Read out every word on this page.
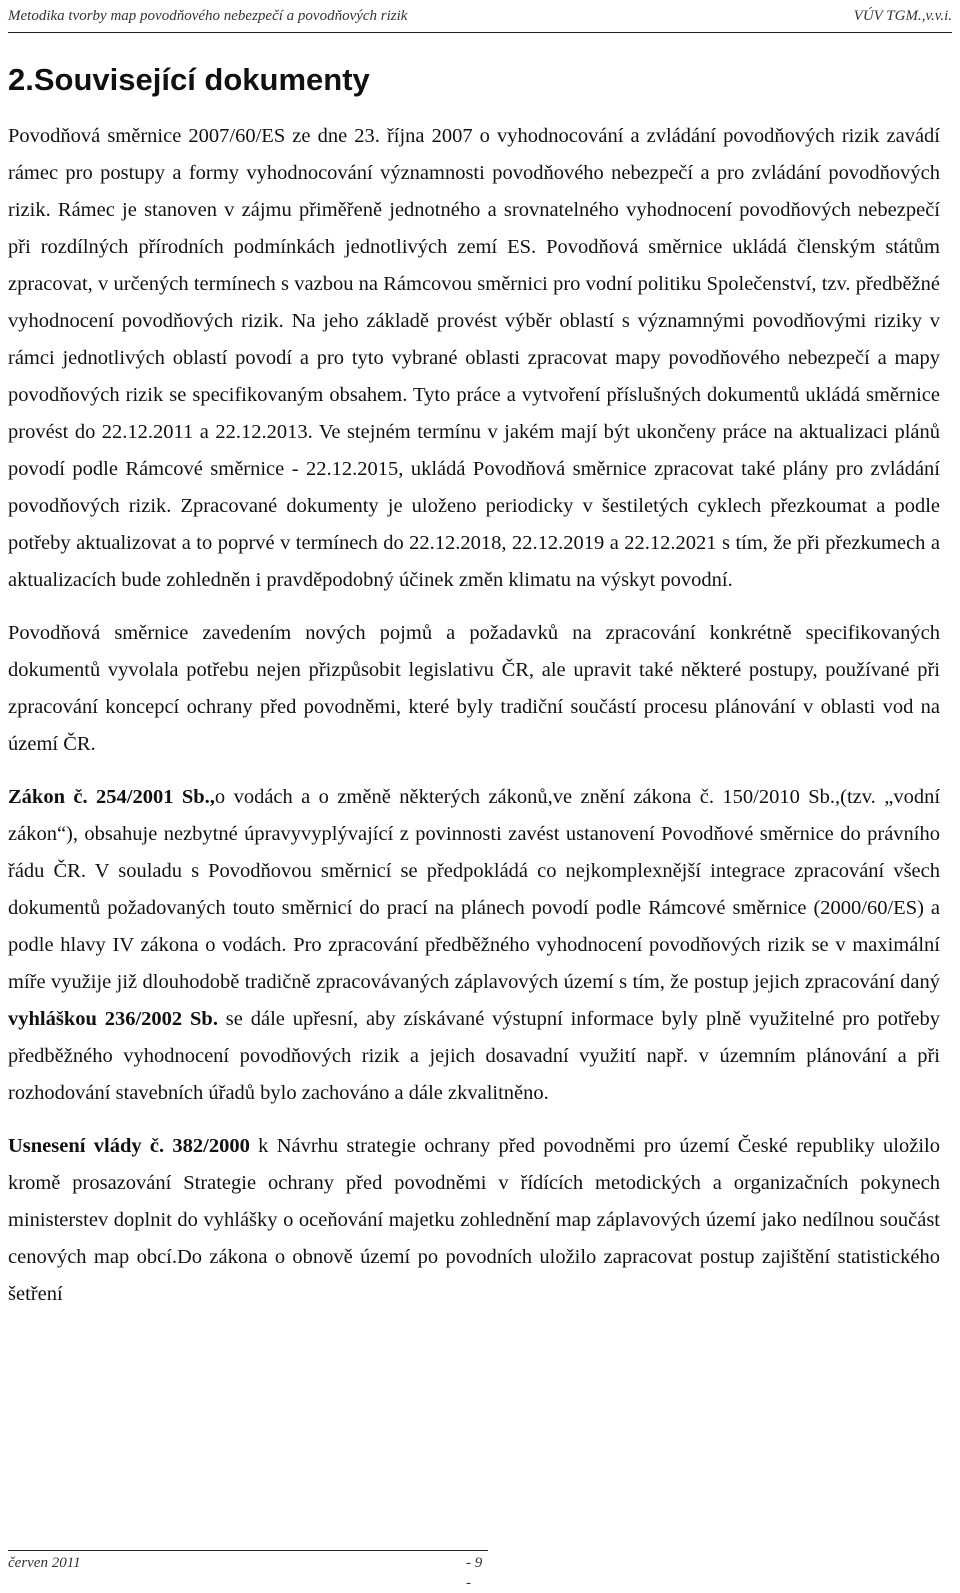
Metodika tvorby map povodňového nebezpečí a povodňových rizik	VÚV TGM.,v.v.i.
2.Související dokumenty

Povodňová směrnice 2007/60/ES ze dne 23. října 2007 o vyhodnocování a zvládání povodňových rizik zavádí rámec pro postupy a formy vyhodnocování významnosti povodňového nebezpečí a pro zvládání povodňových rizik. Rámec je stanoven v zájmu přiměřeně jednotného a srovnatelného vyhodnocení povodňových nebezpečí při rozdílných přírodních podmínkách jednotlivých zemí ES. Povodňová směrnice ukládá členským státům zpracovat, v určených termínech s vazbou na Rámcovou směrnici pro vodní politiku Společenství, tzv. předběžné vyhodnocení povodňových rizik. Na jeho základě provést výběr oblastí s významnými povodňovými riziky v rámci jednotlivých oblastí povodí a pro tyto vybrané oblasti zpracovat mapy povodňového nebezpečí a mapy povodňových rizik se specifikovaným obsahem. Tyto práce a vytvoření příslušných dokumentů ukládá směrnice provést do 22.12.2011 a 22.12.2013. Ve stejném termínu v jakém mají být ukončeny práce na aktualizaci plánů povodí podle Rámcové směrnice - 22.12.2015, ukládá Povodňová směrnice zpracovat také plány pro zvládání povodňových rizik. Zpracované dokumenty je uloženo periodicky v šestiletých cyklech přezkoumat a podle potřeby aktualizovat a to poprvé v termínech do 22.12.2018, 22.12.2019 a 22.12.2021 s tím, že při přezkumech a aktualizacích bude zohledněn i pravděpodobný účinek změn klimatu na výskyt povodní.

Povodňová směrnice zavedením nových pojmů a požadavků na zpracování konkrétně specifikovaných dokumentů vyvolala potřebu nejen přizpůsobit legislativu ČR, ale upravit také některé postupy, používané při zpracování koncepcí ochrany před povodněmi, které byly tradiční součástí procesu plánování v oblasti vod na území ČR.

Zákon č. 254/2001 Sb.,o vodách a o změně některých zákonů,ve znění zákona č. 150/2010 Sb.,(tzv. „vodní zákon“), obsahuje nezbytné úpravyvyplývající z povinnosti zavést ustanovení Povodňové směrnice do právního řádu ČR. V souladu s Povodňovou směrnicí se předpokládá co nejkomplexnější integrace zpracování všech dokumentů požadovaných touto směrnicí do prací na plánech povodí podle Rámcové směrnice (2000/60/ES) a podle hlavy IV zákona o vodách. Pro zpracování předběžného vyhodnocení povodňových rizik se v maximální míře využije již dlouhodobě tradičně zpracovávaných záplavových území s tím, že postup jejich zpracování daný vyhláškou 236/2002 Sb. se dále upřesní, aby získávané výstupní informace byly plně využitelné pro potřeby předběžného vyhodnocení povodňových rizik a jejich dosavadní využití např. v územním plánování a při rozhodování stavebních úřadů bylo zachováno a dále zkvalitněno.

Usnesení vlády č. 382/2000 k Návrhu strategie ochrany před povodněmi pro území České republiky uložilo kromě prosazování Strategie ochrany před povodněmi v řídících metodických a organizačních pokynech ministerstev doplnit do vyhlášky o oceňování majetku zohlednění map záplavových území jako nedílnou součást cenových map obcí.Do zákona o obnově území po povodních uložilo zapracovat postup zajištění statistického šetření

červen 2011	- 9 -
